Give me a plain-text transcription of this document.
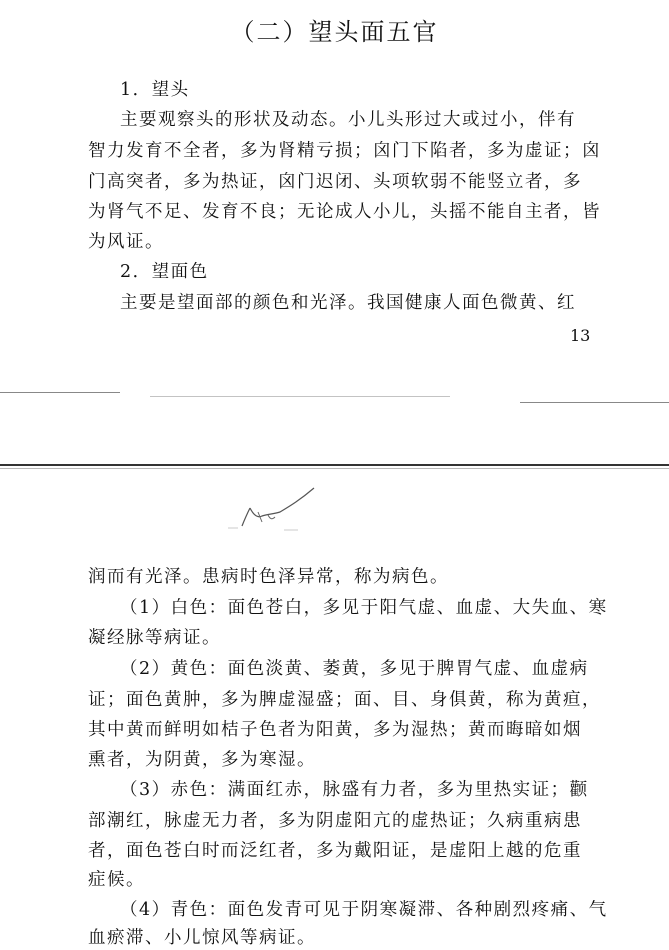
（二）望头面五官
1．望头
主要观察头的形状及动态。小儿头形过大或过小，伴有
智力发育不全者，多为肾精亏损；囟门下陷者，多为虚证；囟
门高突者，多为热证，囟门迟闭、头项软弱不能竖立者，多
为肾气不足、发育不良；无论成人小儿，头摇不能自主者，皆
为风证。
2．望面色
主要是望面部的颜色和光泽。我国健康人面色微黄、红
13
润而有光泽。患病时色泽异常，称为病色。
（1）白色：面色苍白，多见于阳气虚、血虚、大失血、寒
凝经脉等病证。
（2）黄色：面色淡黄、萎黄，多见于脾胃气虚、血虚病
证；面色黄肿，多为脾虚湿盛；面、目、身俱黄，称为黄疸，
其中黄而鲜明如桔子色者为阳黄，多为湿热；黄而晦暗如烟
熏者，为阴黄，多为寒湿。
（3）赤色：满面红赤，脉盛有力者，多为里热实证；颧
部潮红，脉虚无力者，多为阴虚阳亢的虚热证；久病重病患
者，面色苍白时而泛红者，多为戴阳证，是虚阳上越的危重
症候。
（4）青色：面色发青可见于阴寒凝滞、各种剧烈疼痛、气
血瘀滞、小儿惊风等病证。
